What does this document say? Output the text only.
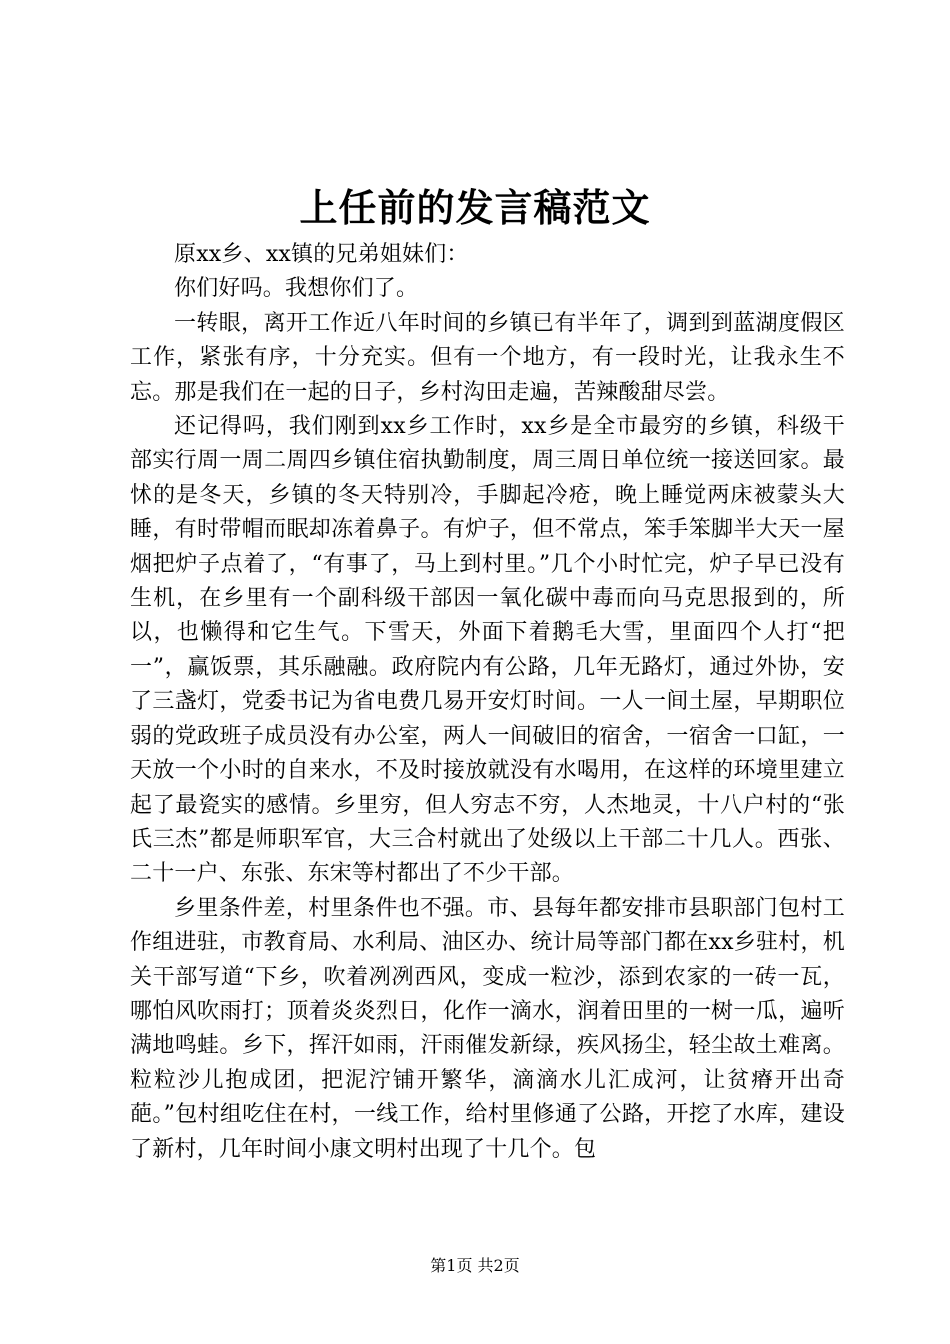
上任前的发言稿范文

原xx乡、xx镇的兄弟姐妹们：

你们好吗。我想你们了。

一转眼，离开工作近八年时间的乡镇已有半年了，调到到蓝湖度假区工作，紧张有序，十分充实。但有一个地方，有一段时光，让我永生不忘。那是我们在一起的日子，乡村沟田走遍，苦辣酸甜尽尝。

还记得吗，我们刚到xx乡工作时，xx乡是全市最穷的乡镇，科级干部实行周一周二周四乡镇住宿执勤制度，周三周日单位统一接送回家。最怵的是冬天，乡镇的冬天特别冷，手脚起冷疮，晚上睡觉两床被蒙头大睡，有时带帽而眠却冻着鼻子。有炉子，但不常点，笨手笨脚半大天一屋烟把炉子点着了，“有事了，马上到村里。”几个小时忙完，炉子早已没有生机，在乡里有一个副科级干部因一氧化碳中毒而向马克思报到的，所以，也懒得和它生气。下雪天，外面下着鹅毛大雪，里面四个人打“把一”，赢饭票，其乐融融。政府院内有公路，几年无路灯，通过外协，安了三盏灯，党委书记为省电费几易开安灯时间。一人一间土屋，早期职位弱的党政班子成员没有办公室，两人一间破旧的宿舍，一宿舍一口缸，一天放一个小时的自来水，不及时接放就没有水喝用，在这样的环境里建立起了最瓷实的感情。乡里穷，但人穷志不穷，人杰地灵，十八户村的“张氏三杰”都是师职军官，大三合村就出了处级以上干部二十几人。西张、二十一户、东张、东宋等村都出了不少干部。

乡里条件差，村里条件也不强。市、县每年都安排市县职部门包村工作组进驻，市教育局、水利局、油区办、统计局等部门都在xx乡驻村，机关干部写道“下乡，吹着冽冽西风，变成一粒沙，添到农家的一砖一瓦，哪怕风吹雨打；顶着炎炎烈日，化作一滴水，润着田里的一树一瓜，遍听满地鸣蛙。乡下，挥汗如雨，汗雨催发新绿，疾风扬尘，轻尘故土难离。粒粒沙儿抱成团，把泥泞铺开繁华，滴滴水儿汇成河，让贫瘠开出奇葩。”包村组吃住在村，一线工作，给村里修通了公路，开挖了水库，建设了新村，几年时间小康文明村出现了十几个。包

第1页 共2页
